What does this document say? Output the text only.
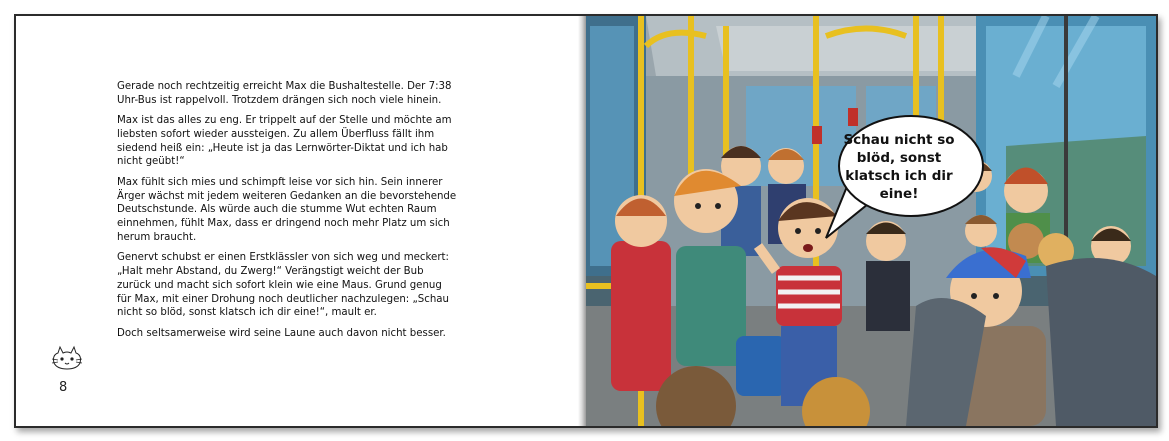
Gerade noch rechtzeitig erreicht Max die Bushaltestelle. Der 7:38 Uhr-Bus ist rappelvoll. Trotzdem drängen sich noch viele hinein.

Max ist das alles zu eng. Er trippelt auf der Stelle und möchte am liebsten sofort wieder aussteigen. Zu allem Überfluss fällt ihm siedend heiß ein: „Heute ist ja das Lernwörter-Diktat und ich hab nicht geübt!“

Max fühlt sich mies und schimpft leise vor sich hin. Sein innerer Ärger wächst mit jedem weiteren Gedanken an die bevorstehende Deutschstunde. Als würde auch die stumme Wut echten Raum einnehmen, fühlt Max, dass er dringend noch mehr Platz um sich herum braucht.

Genervt schubst er einen Erstklässler von sich weg und meckert: „Halt mehr Abstand, du Zwerg!“ Verängstigt weicht der Bub zurück und macht sich sofort klein wie eine Maus. Grund genug für Max, mit einer Drohung noch deutlicher nachzulegen: „Schau nicht so blöd, sonst klatsch ich dir eine!“, mault er.

Doch seltsamerweise wird seine Laune auch davon nicht besser.

8
Schau nicht so blöd, sonst klatsch ich dir eine!
